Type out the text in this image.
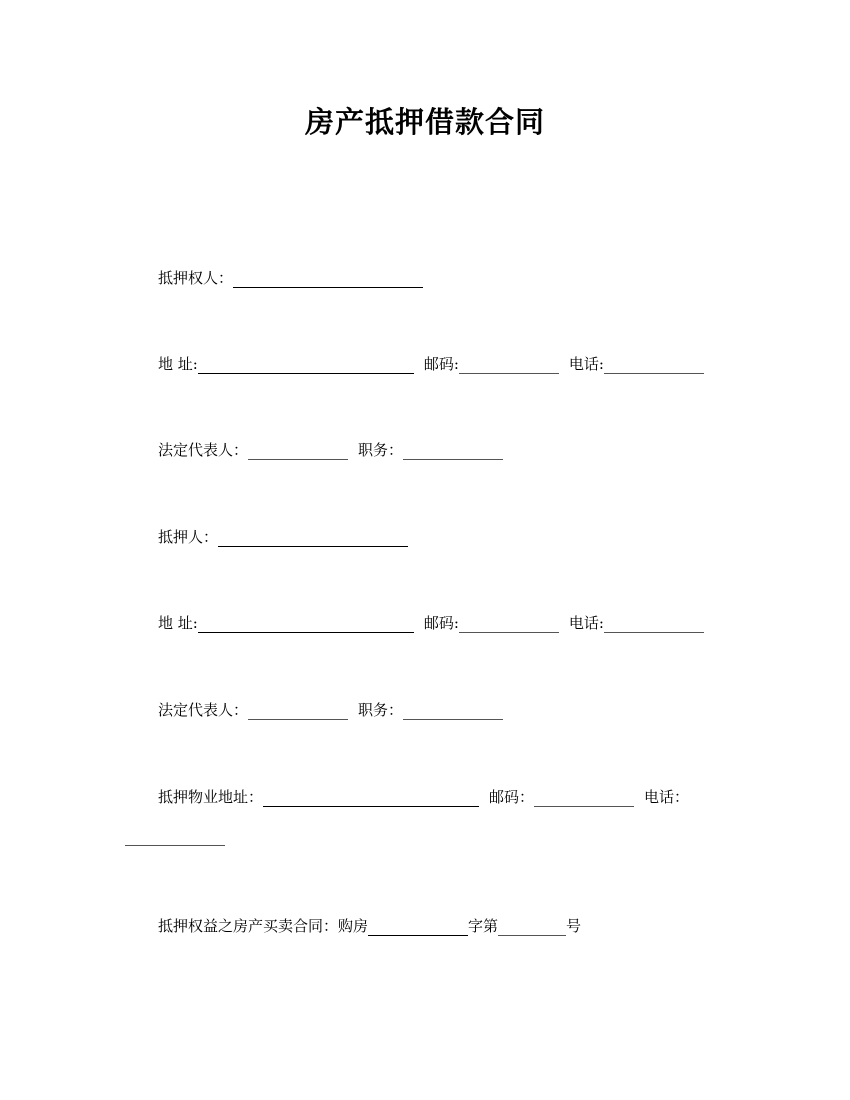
房产抵押借款合同
抵押权人：
地 址:	邮码:	电话:
法定代表人：	职务：
抵押人：
地 址:	邮码:	电话:
法定代表人：	职务：
抵押物业地址：	邮码：	电话：
抵押权益之房产买卖合同：购房	字第	号
